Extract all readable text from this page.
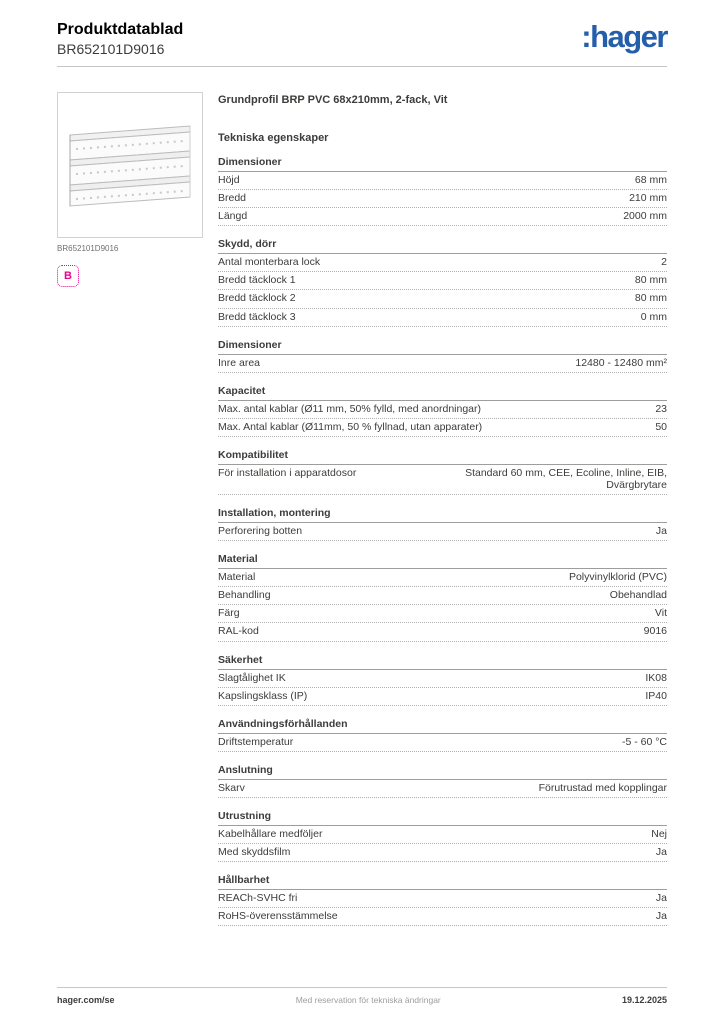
Produktdatablad
BR652101D9016	:hager
BR652101D9016
B
Grundprofil BRP PVC 68x210mm, 2-fack, Vit
Tekniska egenskaper
Dimensioner
Höjd	68 mm
Bredd	210 mm
Längd	2000 mm
Skydd, dörr
Antal monterbara lock	2
Bredd täcklock 1	80 mm
Bredd täcklock 2	80 mm
Bredd täcklock 3	0 mm
Dimensioner
Inre area	12480 - 12480 mm²
Kapacitet
Max. antal kablar (Ø11 mm, 50% fylld, med anordningar)	23
Max. Antal kablar (Ø11mm, 50 % fyllnad, utan apparater)	50
Kompatibilitet
För installation i apparatdosor	Standard 60 mm, CEE, Ecoline, Inline, EIB, Dvärgbrytare
Installation, montering
Perforering botten	Ja
Material
Material	Polyvinylklorid (PVC)
Behandling	Obehandlad
Färg	Vit
RAL-kod	9016
Säkerhet
Slagtålighet IK	IK08
Kapslingsklass (IP)	IP40
Användningsförhållanden
Driftstemperatur	-5 - 60 °C
Anslutning
Skarv	Förutrustad med kopplingar
Utrustning
Kabelhållare medföljer	Nej
Med skyddsfilm	Ja
Hållbarhet
REACh-SVHC fri	Ja
RoHS-överensstämmelse	Ja
hager.com/se	Med reservation för tekniska ändringar	19.12.2025
